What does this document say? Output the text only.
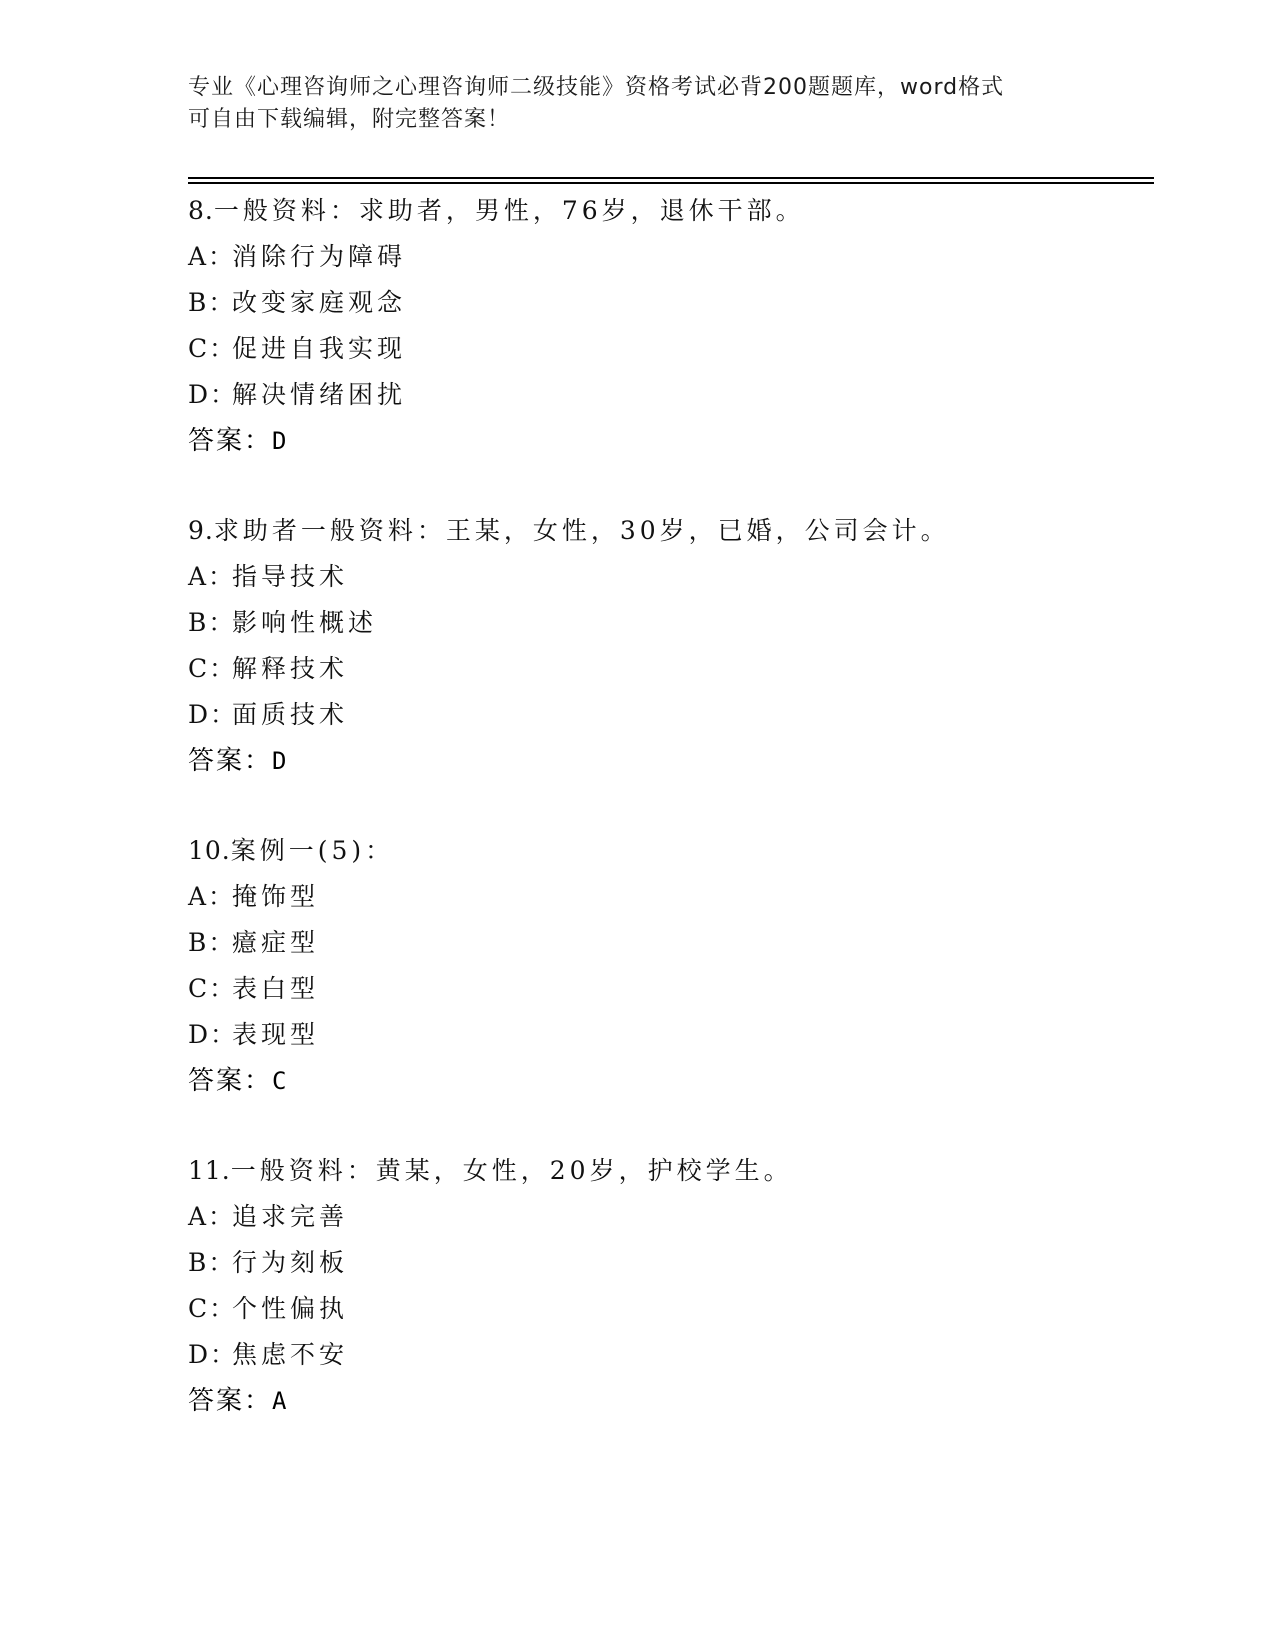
专业《心理咨询师之心理咨询师二级技能》资格考试必背200题题库，word格式
可自由下载编辑，附完整答案！
8.一般资料：求助者，男性，76岁，退休干部。
A：消除行为障碍
B：改变家庭观念
C：促进自我实现
D：解决情绪困扰
答案：D
9.求助者一般资料：王某，女性，30岁，已婚，公司会计。
A：指导技术
B：影响性概述
C：解释技术
D：面质技术
答案：D
10.案例一(5)：
A：掩饰型
B：癔症型
C：表白型
D：表现型
答案：C
11.一般资料：黄某，女性，20岁，护校学生。
A：追求完善
B：行为刻板
C：个性偏执
D：焦虑不安
答案：A
